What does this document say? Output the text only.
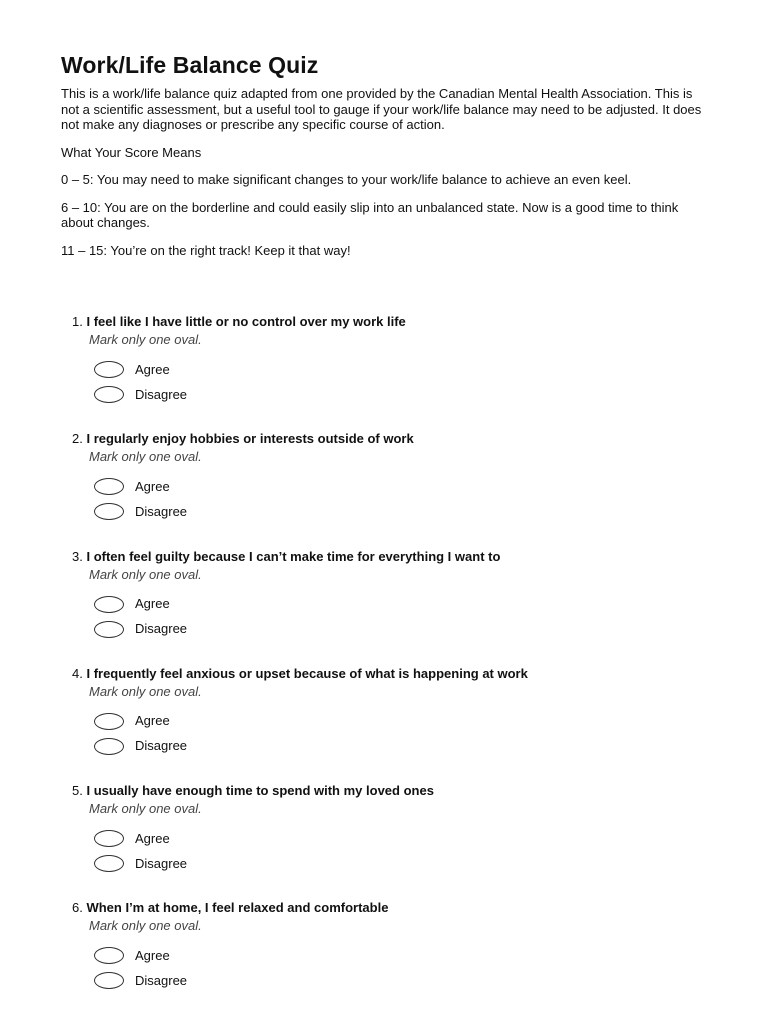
Work/Life Balance Quiz

This is a work/life balance quiz adapted from one provided by the Canadian Mental Health Association. This is not a scientific assessment, but a useful tool to gauge if your work/life balance may need to be adjusted. It does not make any diagnoses or prescribe any specific course of action.

What Your Score Means

0 – 5: You may need to make significant changes to your work/life balance to achieve an even keel.

6 – 10: You are on the borderline and could easily slip into an unbalanced state. Now is a good time to think about changes.

11 – 15: You’re on the right track! Keep it that way!

1. I feel like I have little or no control over my work life

Mark only one oval.

Agree
Disagree

2. I regularly enjoy hobbies or interests outside of work

Mark only one oval.

Agree
Disagree

3. I often feel guilty because I can’t make time for everything I want to

Mark only one oval.

Agree
Disagree

4. I frequently feel anxious or upset because of what is happening at work

Mark only one oval.

Agree
Disagree

5. I usually have enough time to spend with my loved ones

Mark only one oval.

Agree
Disagree

6. When I’m at home, I feel relaxed and comfortable

Mark only one oval.

Agree
Disagree
